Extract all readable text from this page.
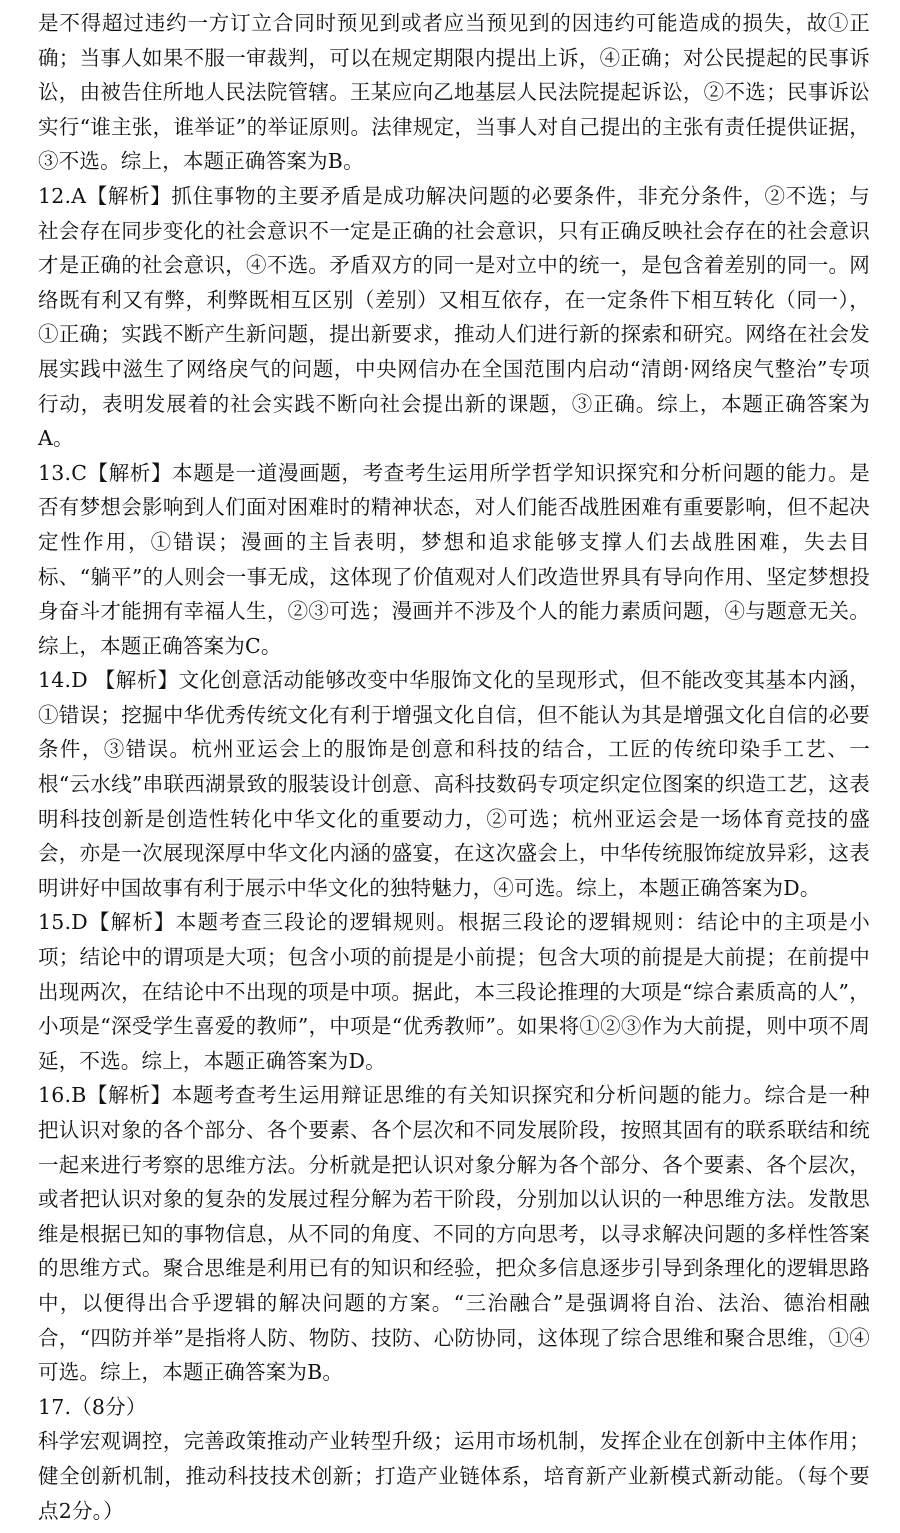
是不得超过违约一方订立合同时预见到或者应当预见到的因违约可能造成的损失，故①正确；当事人如果不服一审裁判，可以在规定期限内提出上诉，④正确；对公民提起的民事诉讼，由被告住所地人民法院管辖。王某应向乙地基层人民法院提起诉讼，②不选；民事诉讼实行“谁主张，谁举证”的举证原则。法律规定，当事人对自己提出的主张有责任提供证据，③不选。综上，本题正确答案为B。

12.A【解析】抓住事物的主要矛盾是成功解决问题的必要条件，非充分条件，②不选；与社会存在同步变化的社会意识不一定是正确的社会意识，只有正确反映社会存在的社会意识才是正确的社会意识，④不选。矛盾双方的同一是对立中的统一，是包含着差别的同一。网络既有利又有弊，利弊既相互区别（差别）又相互依存，在一定条件下相互转化（同一），①正确；实践不断产生新问题，提出新要求，推动人们进行新的探索和研究。网络在社会发展实践中滋生了网络戾气的问题，中央网信办在全国范围内启动“清朗·网络戾气整治”专项行动，表明发展着的社会实践不断向社会提出新的课题，③正确。综上，本题正确答案为A。

13.C【解析】本题是一道漫画题，考查考生运用所学哲学知识探究和分析问题的能力。是否有梦想会影响到人们面对困难时的精神状态，对人们能否战胜困难有重要影响，但不起决定性作用，①错误；漫画的主旨表明，梦想和追求能够支撑人们去战胜困难，失去目标、“躺平”的人则会一事无成，这体现了价值观对人们改造世界具有导向作用、坚定梦想投身奋斗才能拥有幸福人生，②③可选；漫画并不涉及个人的能力素质问题，④与题意无关。综上，本题正确答案为C。

14.D 【解析】文化创意活动能够改变中华服饰文化的呈现形式，但不能改变其基本内涵，①错误；挖掘中华优秀传统文化有利于增强文化自信，但不能认为其是增强文化自信的必要条件，③错误。杭州亚运会上的服饰是创意和科技的结合，工匠的传统印染手工艺、一根“云水线”串联西湖景致的服装设计创意、高科技数码专项定织定位图案的织造工艺，这表明科技创新是创造性转化中华文化的重要动力，②可选；杭州亚运会是一场体育竞技的盛会，亦是一次展现深厚中华文化内涵的盛宴，在这次盛会上，中华传统服饰绽放异彩，这表明讲好中国故事有利于展示中华文化的独特魅力，④可选。综上，本题正确答案为D。

15.D【解析】本题考查三段论的逻辑规则。根据三段论的逻辑规则：结论中的主项是小项；结论中的谓项是大项；包含小项的前提是小前提；包含大项的前提是大前提；在前提中出现两次，在结论中不出现的项是中项。据此，本三段论推理的大项是“综合素质高的人”，小项是“深受学生喜爱的教师”，中项是“优秀教师”。如果将①②③作为大前提，则中项不周延，不选。综上，本题正确答案为D。

16.B【解析】本题考查考生运用辩证思维的有关知识探究和分析问题的能力。综合是一种把认识对象的各个部分、各个要素、各个层次和不同发展阶段，按照其固有的联系联结和统一起来进行考察的思维方法。分析就是把认识对象分解为各个部分、各个要素、各个层次，或者把认识对象的复杂的发展过程分解为若干阶段，分别加以认识的一种思维方法。发散思维是根据已知的事物信息，从不同的角度、不同的方向思考，以寻求解决问题的多样性答案的思维方式。聚合思维是利用已有的知识和经验，把众多信息逐步引导到条理化的逻辑思路中，以便得出合乎逻辑的解决问题的方案。“三治融合”是强调将自治、法治、德治相融合，“四防并举”是指将人防、物防、技防、心防协同，这体现了综合思维和聚合思维，①④可选。综上，本题正确答案为B。

17.（8分）

科学宏观调控，完善政策推动产业转型升级；运用市场机制，发挥企业在创新中主体作用；健全创新机制，推动科技技术创新；打造产业链体系，培育新产业新模式新动能。（每个要点2分。）
